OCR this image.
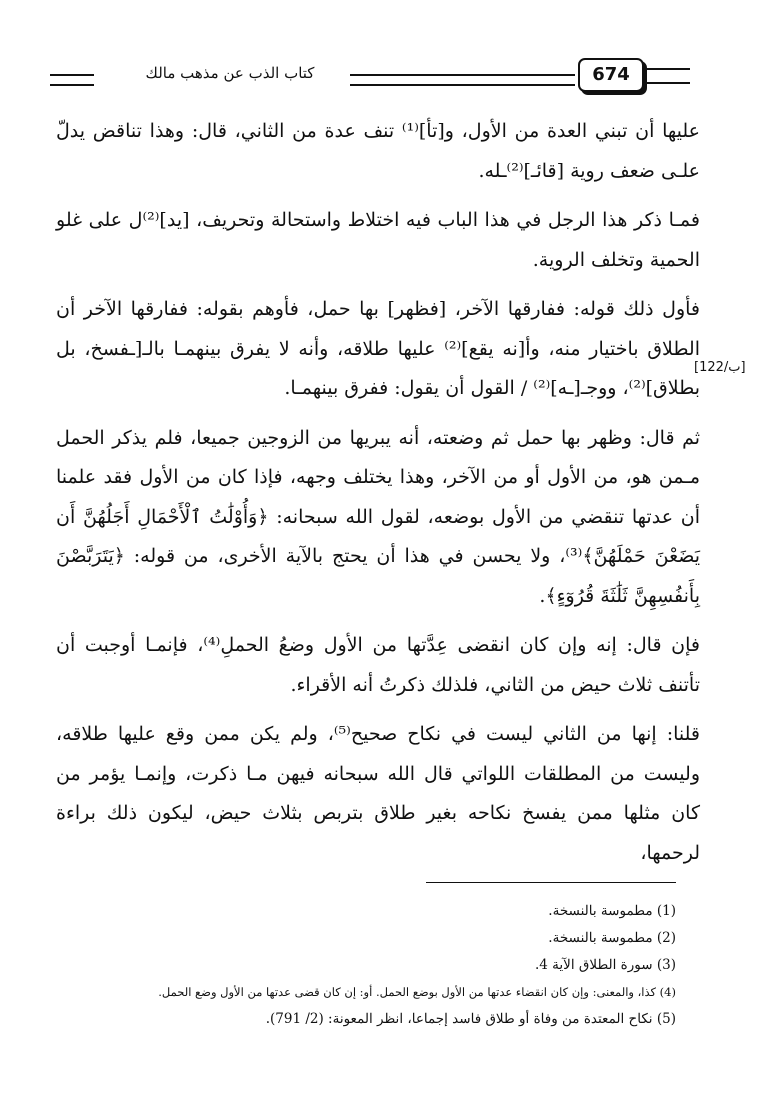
كتاب الذب عن مذهب مالك	674

عليها أن تبني العدة من الأول، و[تأ]⁽¹⁾ تنف عدة من الثاني، قال: وهذا تناقض يدلّ علـى ضعف روية [قائـ]⁽²⁾ـله.

فمـا ذكر هذا الرجل في هذا الباب فيه اختلاط واستحالة وتحريف، [يد]⁽²⁾ل على غلو الحمية وتخلف الروية.

فأول ذلك قوله: ففارقها الآخر، [فظهر] بها حمل، فأوهم بقوله: ففارقها الآخر أن الطلاق باختيار منه، وأ[نه يقع]⁽²⁾ عليها طلاقه، وأنه لا يفرق بينهمـا بالـ[ـفسخ، بل بطلاق]⁽²⁾، ووجـ[ـه]⁽²⁾ / القول أن يقول: ففرق بينهمـا.

ثم قال: وظهر بها حمل ثم وضعته، أنه يبريها من الزوجين جميعا، فلم يذكر الحمل مـمن هو، من الأول أو من الآخر، وهذا يختلف وجهه، فإذا كان من الأول فقد علمنا أن عدتها تنقضي من الأول بوضعه، لقول الله سبحانه: ﴿وَأُوْلَٰتُ ٱلْأَحْمَالِ أَجَلُهُنَّ أَن يَضَعْنَ حَمْلَهُنَّ﴾⁽³⁾، ولا يحسن في هذا أن يحتج بالآية الأخرى، من قوله: ﴿يَتَرَبَّصْنَ بِأَنفُسِهِنَّ ثَلَٰثَةَ قُرُوٓءٍ﴾.

فإن قال: إنه وإن كان انقضى عِدَّتها من الأول وضعُ الحملِ⁽⁴⁾، فإنمـا أوجبت أن تأتنف ثلاث حيض من الثاني، فلذلك ذكرتُ أنه الأقراء.

قلنا: إنها من الثاني ليست في نكاح صحيح⁽⁵⁾، ولم يكن ممن وقع عليها طلاقه، وليست من المطلقات اللواتي قال الله سبحانه فيهن مـا ذكرت، وإنمـا يؤمر من كان مثلها ممن يفسخ نكاحه بغير طلاق بتربص بثلاث حيض، ليكون ذلك براءة لرحمها،

[122/ب]
(1) مطموسة بالنسخة.
(2) مطموسة بالنسخة.
(3) سورة الطلاق الآية 4.
(4) كذا، والمعنى: وإن كان انقضاء عدتها من الأول بوضع الحمل. أو: إن كان قضى عدتها من الأول وضع الحمل.
(5) نكاح المعتدة من وفاة أو طلاق فاسد إجماعا، انظر المعونة: (2/ 791).
